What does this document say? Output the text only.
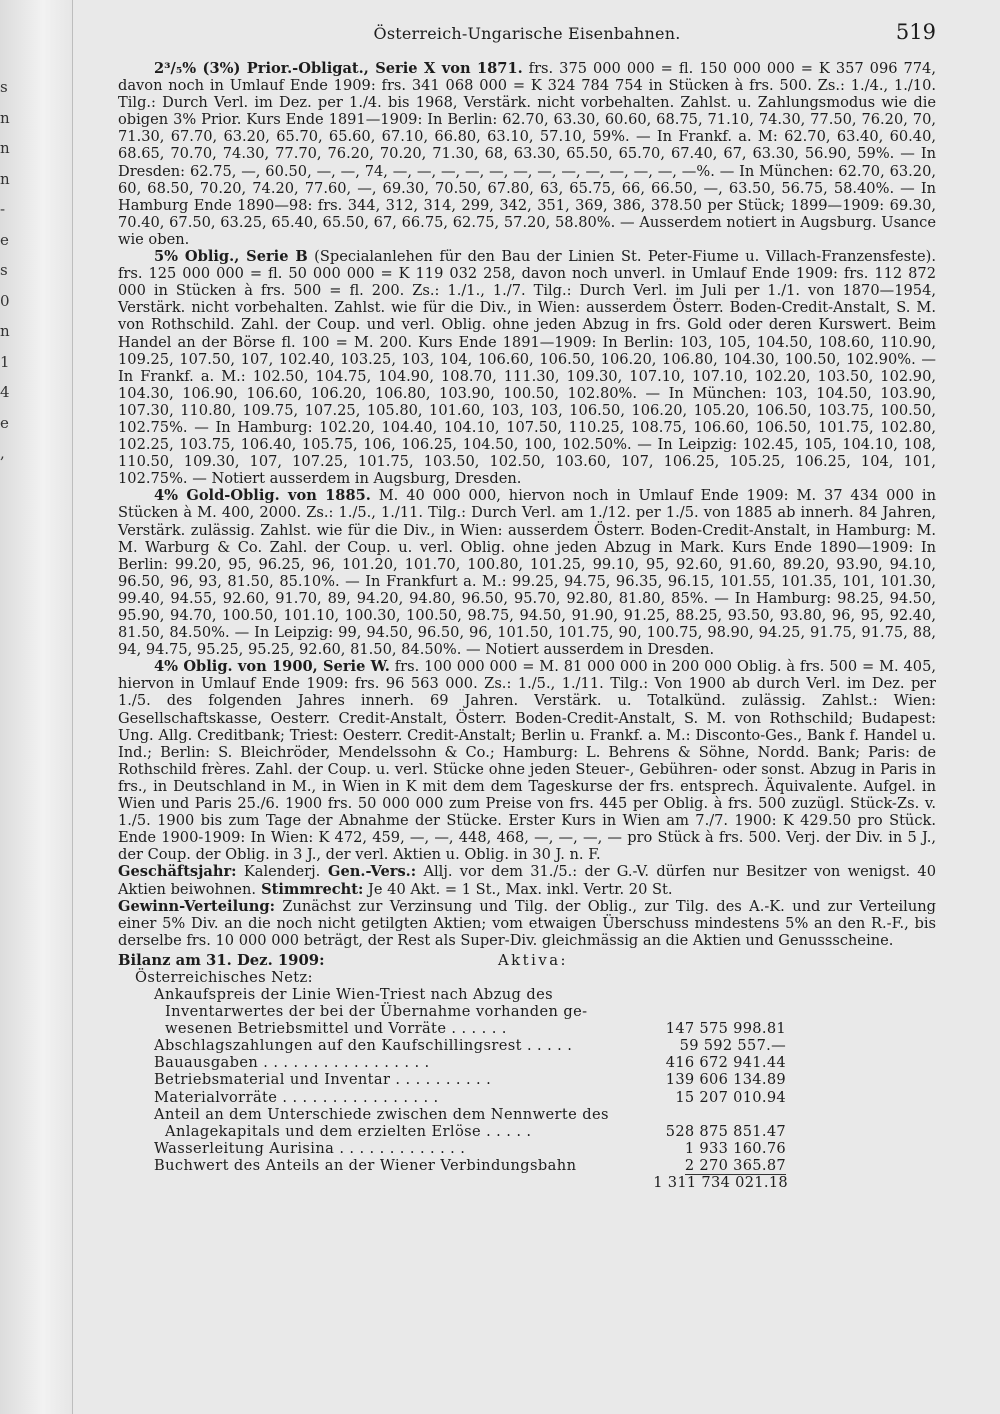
s
n
n
n
-
e
s
0
n
1
4
e
,
Österreich-Ungarische Eisenbahnen.	519

2³/₅% (3%) Prior.-Obligat., Serie X von 1871. frs. 375 000 000 = fl. 150 000 000 = K 357 096 774, davon noch in Umlauf Ende 1909: frs. 341 068 000 = K 324 784 754 in Stücken à frs. 500. Zs.: 1./4., 1./10. Tilg.: Durch Verl. im Dez. per 1./4. bis 1968, Verstärk. nicht vorbehalten. Zahlst. u. Zahlungsmodus wie die obigen 3% Prior. Kurs Ende 1891—1909: In Berlin: 62.70, 63.30, 60.60, 68.75, 71.10, 74.30, 77.50, 76.20, 70, 71.30, 67.70, 63.20, 65.70, 65.60, 67.10, 66.80, 63.10, 57.10, 59%. — In Frankf. a. M: 62.70, 63.40, 60.40, 68.65, 70.70, 74.30, 77.70, 76.20, 70.20, 71.30, 68, 63.30, 65.50, 65.70, 67.40, 67, 63.30, 56.90, 59%. — In Dresden: 62.75, —, 60.50, —, —, 74, —, —, —, —, —, —, —, —, —, —, —, —, —%. — In München: 62.70, 63.20, 60, 68.50, 70.20, 74.20, 77.60, —, 69.30, 70.50, 67.80, 63, 65.75, 66, 66.50, —, 63.50, 56.75, 58.40%. — In Hamburg Ende 1890—98: frs. 344, 312, 314, 299, 342, 351, 369, 386, 378.50 per Stück; 1899—1909: 69.30, 70.40, 67.50, 63.25, 65.40, 65.50, 67, 66.75, 62.75, 57.20, 58.80%. — Ausserdem notiert in Augsburg. Usance wie oben.

5% Oblig., Serie B (Specialanlehen für den Bau der Linien St. Peter-Fiume u. Villach-Franzensfeste). frs. 125 000 000 = fl. 50 000 000 = K 119 032 258, davon noch unverl. in Umlauf Ende 1909: frs. 112 872 000 in Stücken à frs. 500 = fl. 200. Zs.: 1./1., 1./7. Tilg.: Durch Verl. im Juli per 1./1. von 1870—1954, Verstärk. nicht vorbehalten. Zahlst. wie für die Div., in Wien: ausserdem Österr. Boden-Credit-Anstalt, S. M. von Rothschild. Zahl. der Coup. und verl. Oblig. ohne jeden Abzug in frs. Gold oder deren Kurswert. Beim Handel an der Börse fl. 100 = M. 200. Kurs Ende 1891—1909: In Berlin: 103, 105, 104.50, 108.60, 110.90, 109.25, 107.50, 107, 102.40, 103.25, 103, 104, 106.60, 106.50, 106.20, 106.80, 104.30, 100.50, 102.90%. — In Frankf. a. M.: 102.50, 104.75, 104.90, 108.70, 111.30, 109.30, 107.10, 107.10, 102.20, 103.50, 102.90, 104.30, 106.90, 106.60, 106.20, 106.80, 103.90, 100.50, 102.80%. — In München: 103, 104.50, 103.90, 107.30, 110.80, 109.75, 107.25, 105.80, 101.60, 103, 103, 106.50, 106.20, 105.20, 106.50, 103.75, 100.50, 102.75%. — In Hamburg: 102.20, 104.40, 104.10, 107.50, 110.25, 108.75, 106.60, 106.50, 101.75, 102.80, 102.25, 103.75, 106.40, 105.75, 106, 106.25, 104.50, 100, 102.50%. — In Leipzig: 102.45, 105, 104.10, 108, 110.50, 109.30, 107, 107.25, 101.75, 103.50, 102.50, 103.60, 107, 106.25, 105.25, 106.25, 104, 101, 102.75%. — Notiert ausserdem in Augsburg, Dresden.

4% Gold-Oblig. von 1885. M. 40 000 000, hiervon noch in Umlauf Ende 1909: M. 37 434 000 in Stücken à M. 400, 2000. Zs.: 1./5., 1./11. Tilg.: Durch Verl. am 1./12. per 1./5. von 1885 ab innerh. 84 Jahren, Verstärk. zulässig. Zahlst. wie für die Div., in Wien: ausserdem Österr. Boden-Credit-Anstalt, in Hamburg: M. M. Warburg & Co. Zahl. der Coup. u. verl. Oblig. ohne jeden Abzug in Mark. Kurs Ende 1890—1909: In Berlin: 99.20, 95, 96.25, 96, 101.20, 101.70, 100.80, 101.25, 99.10, 95, 92.60, 91.60, 89.20, 93.90, 94.10, 96.50, 96, 93, 81.50, 85.10%. — In Frankfurt a. M.: 99.25, 94.75, 96.35, 96.15, 101.55, 101.35, 101, 101.30, 99.40, 94.55, 92.60, 91.70, 89, 94.20, 94.80, 96.50, 95.70, 92.80, 81.80, 85%. — In Hamburg: 98.25, 94.50, 95.90, 94.70, 100.50, 101.10, 100.30, 100.50, 98.75, 94.50, 91.90, 91.25, 88.25, 93.50, 93.80, 96, 95, 92.40, 81.50, 84.50%. — In Leipzig: 99, 94.50, 96.50, 96, 101.50, 101.75, 90, 100.75, 98.90, 94.25, 91.75, 91.75, 88, 94, 94.75, 95.25, 95.25, 92.60, 81.50, 84.50%. — Notiert ausserdem in Dresden.

4% Oblig. von 1900, Serie W. frs. 100 000 000 = M. 81 000 000 in 200 000 Oblig. à frs. 500 = M. 405, hiervon in Umlauf Ende 1909: frs. 96 563 000. Zs.: 1./5., 1./11. Tilg.: Von 1900 ab durch Verl. im Dez. per 1./5. des folgenden Jahres innerh. 69 Jahren. Verstärk. u. Totalkünd. zulässig. Zahlst.: Wien: Gesellschaftskasse, Oesterr. Credit-Anstalt, Österr. Boden-Credit-Anstalt, S. M. von Rothschild; Budapest: Ung. Allg. Creditbank; Triest: Oesterr. Credit-Anstalt; Berlin u. Frankf. a. M.: Disconto-Ges., Bank f. Handel u. Ind.; Berlin: S. Bleichröder, Mendelssohn & Co.; Hamburg: L. Behrens & Söhne, Nordd. Bank; Paris: de Rothschild frères. Zahl. der Coup. u. verl. Stücke ohne jeden Steuer-, Gebühren- oder sonst. Abzug in Paris in frs., in Deutschland in M., in Wien in K mit dem dem Tageskurse der frs. entsprech. Äquivalente. Aufgel. in Wien und Paris 25./6. 1900 frs. 50 000 000 zum Preise von frs. 445 per Oblig. à frs. 500 zuzügl. Stück-Zs. v. 1./5. 1900 bis zum Tage der Abnahme der Stücke. Erster Kurs in Wien am 7./7. 1900: K 429.50 pro Stück. Ende 1900-1909: In Wien: K 472, 459, —, —, 448, 468, —, —, —, — pro Stück à frs. 500. Verj. der Div. in 5 J., der Coup. der Oblig. in 3 J., der verl. Aktien u. Oblig. in 30 J. n. F.

Geschäftsjahr: Kalenderj. Gen.-Vers.: Allj. vor dem 31./5.: der G.-V. dürfen nur Besitzer von wenigst. 40 Aktien beiwohnen. Stimmrecht: Je 40 Akt. = 1 St., Max. inkl. Vertr. 20 St.

Gewinn-Verteilung: Zunächst zur Verzinsung und Tilg. der Oblig., zur Tilg. des A.-K. und zur Verteilung einer 5% Div. an die noch nicht getilgten Aktien; vom etwaigen Überschuss mindestens 5% an den R.-F., bis derselbe frs. 10 000 000 beträgt, der Rest als Super-Div. gleichmässig an die Aktien und Genussscheine.

Bilanz am 31. Dez. 1909:	Aktiva:
Österreichisches Netz:
Ankaufspreis der Linie Wien-Triest nach Abzug des
Inventarwertes der bei der Übernahme vorhanden ge-
wesenen Betriebsmittel und Vorräte . . . . . .	147 575 998.81
Abschlagszahlungen auf den Kaufschillingsrest . . . . .	59 592 557.—
Bauausgaben . . . . . . . . . . . . . . . . .	416 672 941.44
Betriebsmaterial und Inventar . . . . . . . . . .	139 606 134.89
Materialvorräte . . . . . . . . . . . . . . . .	15 207 010.94
Anteil an dem Unterschiede zwischen dem Nennwerte des
Anlagekapitals und dem erzielten Erlöse . . . . .	528 875 851.47
Wasserleitung Aurisina . . . . . . . . . . . . .	1 933 160.76
Buchwert des Anteils an der Wiener Verbindungsbahn	2 270 365.87
1 311 734 021.18
